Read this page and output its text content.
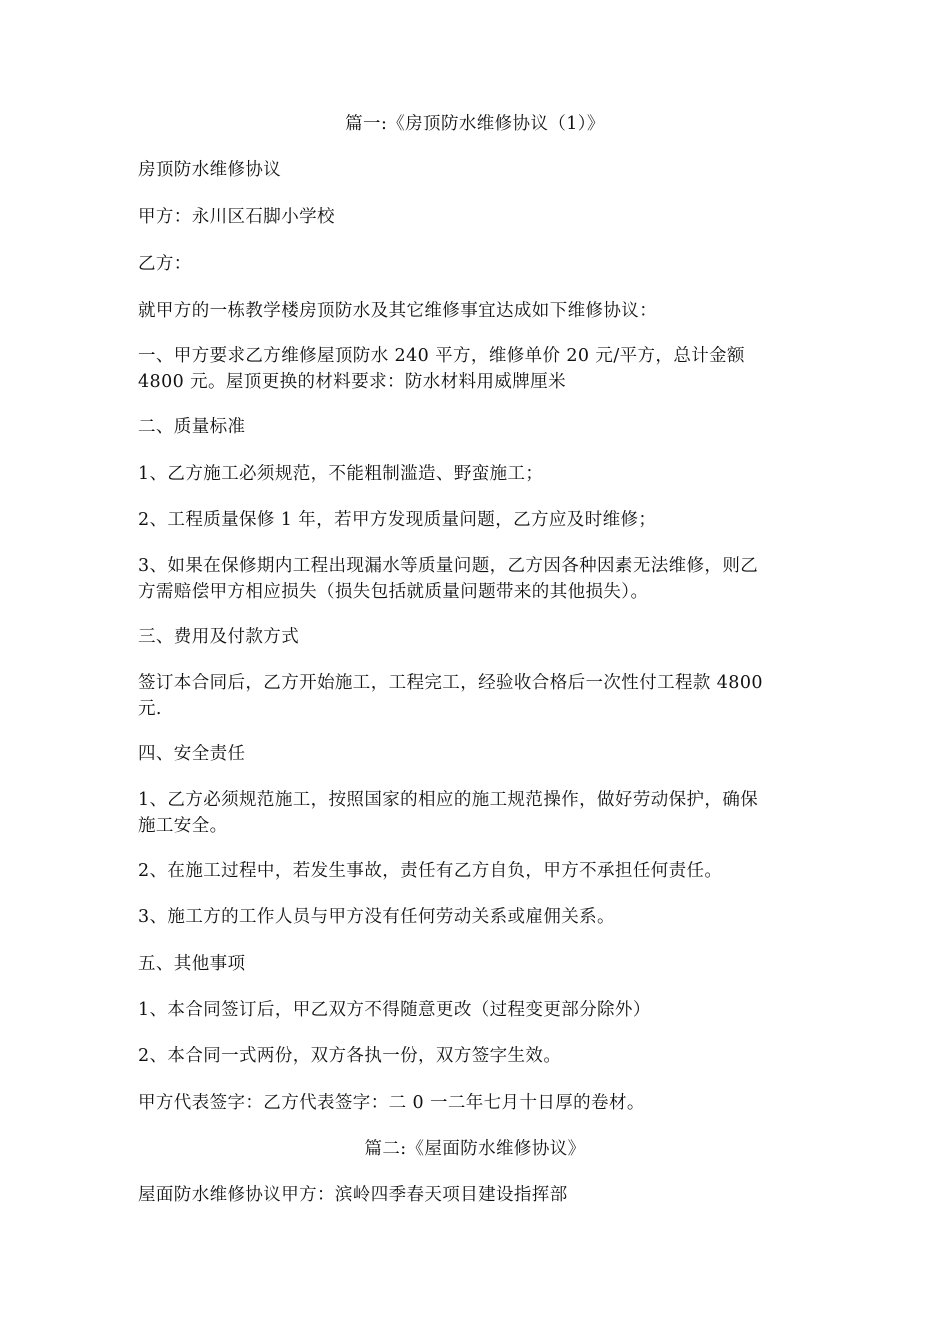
篇一:《房顶防水维修协议（1）》
房顶防水维修协议
甲方：永川区石脚小学校
乙方：
就甲方的一栋教学楼房顶防水及其它维修事宜达成如下维修协议：
一、甲方要求乙方维修屋顶防水 240 平方，维修单价 20 元/平方，总计金额
4800 元。屋顶更换的材料要求：防水材料用威牌厘米
二、质量标准
1、乙方施工必须规范，不能粗制滥造、野蛮施工；
2、工程质量保修 1 年，若甲方发现质量问题，乙方应及时维修；
3、如果在保修期内工程出现漏水等质量问题，乙方因各种因素无法维修，则乙
方需赔偿甲方相应损失（损失包括就质量问题带来的其他损失）。
三、费用及付款方式
签订本合同后，乙方开始施工，工程完工，经验收合格后一次性付工程款 4800
元.
四、安全责任
1、乙方必须规范施工，按照国家的相应的施工规范操作，做好劳动保护，确保
施工安全。
2、在施工过程中，若发生事故，责任有乙方自负，甲方不承担任何责任。
3、施工方的工作人员与甲方没有任何劳动关系或雇佣关系。
五、其他事项
1、本合同签订后，甲乙双方不得随意更改（过程变更部分除外）
2、本合同一式两份，双方各执一份，双方签字生效。
甲方代表签字：乙方代表签字：二 0 一二年七月十日厚的卷材。
篇二:《屋面防水维修协议》
屋面防水维修协议甲方：滨岭四季春天项目建设指挥部
